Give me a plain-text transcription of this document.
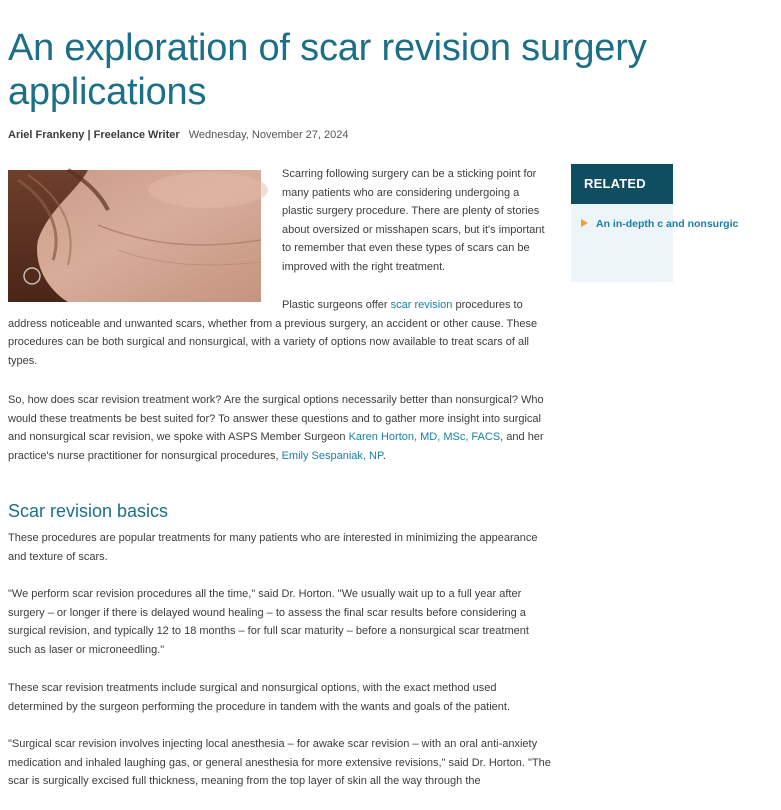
An exploration of scar revision surgery applications
Ariel Frankeny | Freelance Writer Wednesday, November 27, 2024

Scarring following surgery can be a sticking point for many patients who are considering undergoing a plastic surgery procedure. There are plenty of stories about oversized or misshapen scars, but it's important to remember that even these types of scars can be improved with the right treatment.

Plastic surgeons offer scar revision procedures to address noticeable and unwanted scars, whether from a previous surgery, an accident or other cause. These procedures can be both surgical and nonsurgical, with a variety of options now available to treat scars of all types.

So, how does scar revision treatment work? Are the surgical options necessarily better than nonsurgical? Who would these treatments be best suited for? To answer these questions and to gather more insight into surgical and nonsurgical scar revision, we spoke with ASPS Member Surgeon Karen Horton, MD, MSc, FACS, and her practice's nurse practitioner for nonsurgical procedures, Emily Sespaniak, NP.

Scar revision basics

These procedures are popular treatments for many patients who are interested in minimizing the appearance and texture of scars.

"We perform scar revision procedures all the time," said Dr. Horton. "We usually wait up to a full year after surgery – or longer if there is delayed wound healing – to assess the final scar results before considering a surgical revision, and typically 12 to 18 months – for full scar maturity – before a nonsurgical scar treatment such as laser or microneedling."

These scar revision treatments include surgical and nonsurgical options, with the exact method used determined by the surgeon performing the procedure in tandem with the wants and goals of the patient.

"Surgical scar revision involves injecting local anesthesia – for awake scar revision – with an oral anti-anxiety medication and inhaled laughing gas, or general anesthesia for more extensive revisions," said Dr. Horton. "The scar is surgically excised full thickness, meaning from the top layer of skin all the way through the

RELATED
An in-depth c and nonsurgic
